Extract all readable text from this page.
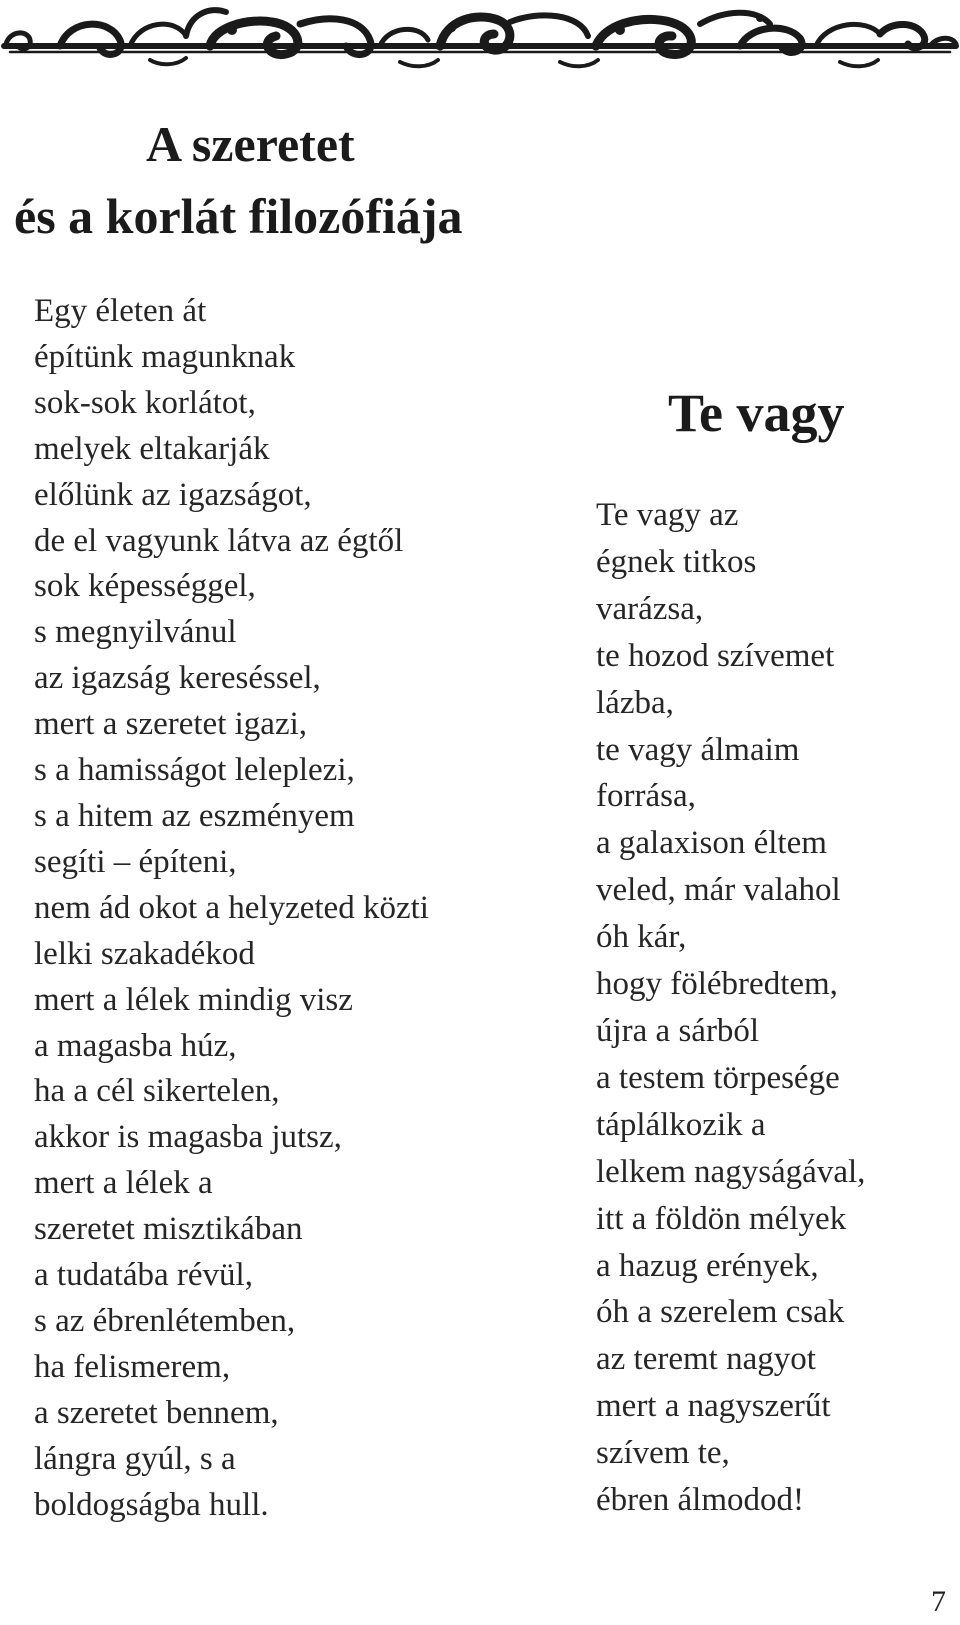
A szeretet
és a korlát filozófiája
Egy életen át
építünk magunknak
sok-sok korlátot,
melyek eltakarják
előlünk az igazságot,
de el vagyunk látva az égtől
sok képességgel,
s megnyilvánul
az igazság kereséssel,
mert a szeretet igazi,
s a hamisságot leleplezi,
s a hitem az eszményem
segíti – építeni,
nem ád okot a helyzeted közti
lelki szakadékod
mert a lélek mindig visz
a magasba húz,
ha a cél sikertelen,
akkor is magasba jutsz,
mert a lélek a
szeretet misztikában
a tudatába révül,
s az ébrenlétemben,
ha felismerem,
a szeretet bennem,
lángra gyúl, s a
boldogságba hull.
Te vagy
Te vagy az
égnek titkos
varázsa,
te hozod szívemet
lázba,
te vagy álmaim
forrása,
a galaxison éltem
veled, már valahol
óh kár,
hogy fölébredtem,
újra a sárból
a testem törpesége
táplálkozik a
lelkem nagyságával,
itt a földön mélyek
a hazug erények,
óh a szerelem csak
az teremt nagyot
mert a nagyszerűt
szívem te,
ébren álmodod!
7
